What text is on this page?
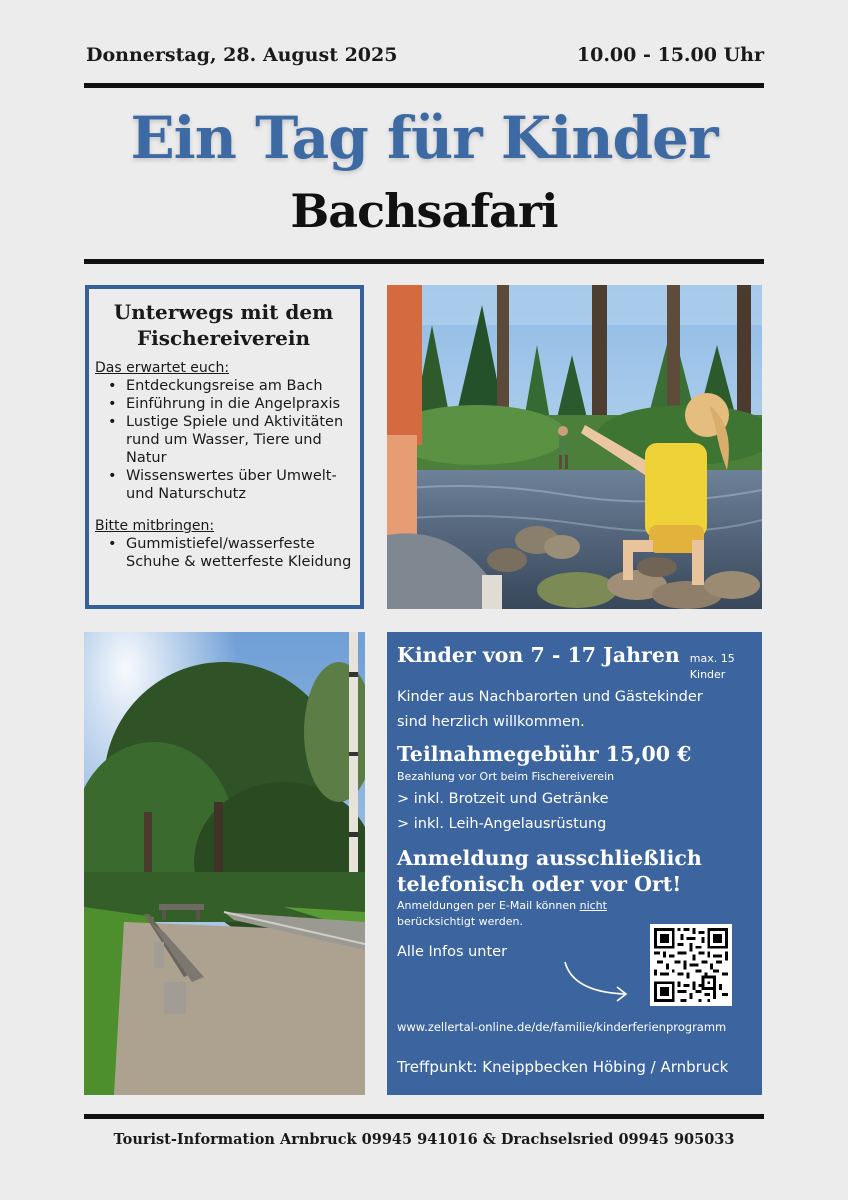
Donnerstag, 28. August 2025	10.00 - 15.00 Uhr
Ein Tag für Kinder
Bachsafari
Unterwegs mit dem Fischereiverein
Das erwartet euch:
• Entdeckungsreise am Bach
• Einführung in die Angelpraxis
• Lustige Spiele und Aktivitäten rund um Wasser, Tiere und Natur
• Wissenswertes über Umwelt- und Naturschutz
Bitte mitbringen:
• Gummistiefel/wasserfeste Schuhe & wetterfeste Kleidung
Kinder von 7 - 17 Jahren max. 15 Kinder
Kinder aus Nachbarorten und Gästekinder
sind herzlich willkommen.
Teilnahmegebühr 15,00 €
Bezahlung vor Ort beim Fischereiverein
> inkl. Brotzeit und Getränke
> inkl. Leih-Angelausrüstung
Anmeldung ausschließlich
telefonisch oder vor Ort!
Anmeldungen per E-Mail können nicht
berücksichtigt werden.
Alle Infos unter
www.zellertal-online.de/de/familie/kinderferienprogramm
Treffpunkt: Kneippbecken Höbing / Arnbruck
Tourist-Information Arnbruck 09945 941016 & Drachselsried 09945 905033
